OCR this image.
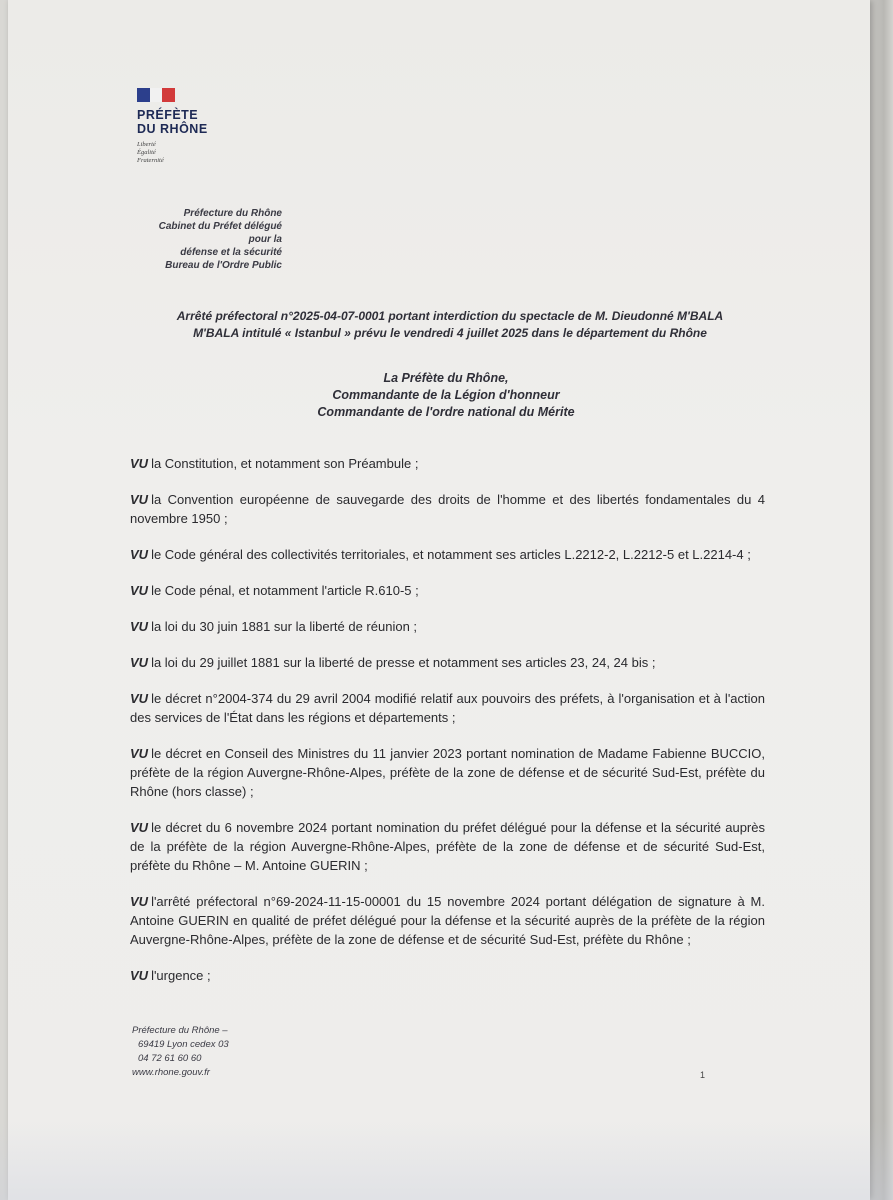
PRÉFÈTE
DU RHÔNE
Liberté
Égalité
Fraternité
Préfecture du Rhône
Cabinet du Préfet délégué pour la
défense et la sécurité
Bureau de l'Ordre Public
Arrêté préfectoral n°2025-04-07-0001 portant interdiction du spectacle de M. Dieudonné M'BALA
M'BALA intitulé « Istanbul » prévu le vendredi 4 juillet 2025 dans le département du Rhône
La Préfète du Rhône,
Commandante de la Légion d'honneur
Commandante de l'ordre national du Mérite

VU la Constitution, et notamment son Préambule ;

VU la Convention européenne de sauvegarde des droits de l'homme et des libertés fondamentales du 4 novembre 1950 ;

VU le Code général des collectivités territoriales, et notamment ses articles L.2212-2, L.2212-5 et L.2214-4 ;

VU le Code pénal, et notamment l'article R.610-5 ;

VU la loi du 30 juin 1881 sur la liberté de réunion ;

VU la loi du 29 juillet 1881 sur la liberté de presse et notamment ses articles 23, 24, 24 bis ;

VU le décret n°2004-374 du 29 avril 2004 modifié relatif aux pouvoirs des préfets, à l'organisation et à l'action des services de l'État dans les régions et départements ;

VU le décret en Conseil des Ministres du 11 janvier 2023 portant nomination de Madame Fabienne BUCCIO, préfète de la région Auvergne-Rhône-Alpes, préfète de la zone de défense et de sécurité Sud-Est, préfète du Rhône (hors classe) ;

VU le décret du 6 novembre 2024 portant nomination du préfet délégué pour la défense et la sécurité auprès de la préfète de la région Auvergne-Rhône-Alpes, préfète de la zone de défense et de sécurité Sud-Est, préfète du Rhône – M. Antoine GUERIN ;

VU l'arrêté préfectoral n°69-2024-11-15-00001 du 15 novembre 2024 portant délégation de signature à M. Antoine GUERIN en qualité de préfet délégué pour la défense et la sécurité auprès de la préfète de la région Auvergne-Rhône-Alpes, préfète de la zone de défense et de sécurité Sud-Est, préfète du Rhône ;

VU l'urgence ;

Préfecture du Rhône –
69419 Lyon cedex 03
04 72 61 60 60
www.rhone.gouv.fr	1
